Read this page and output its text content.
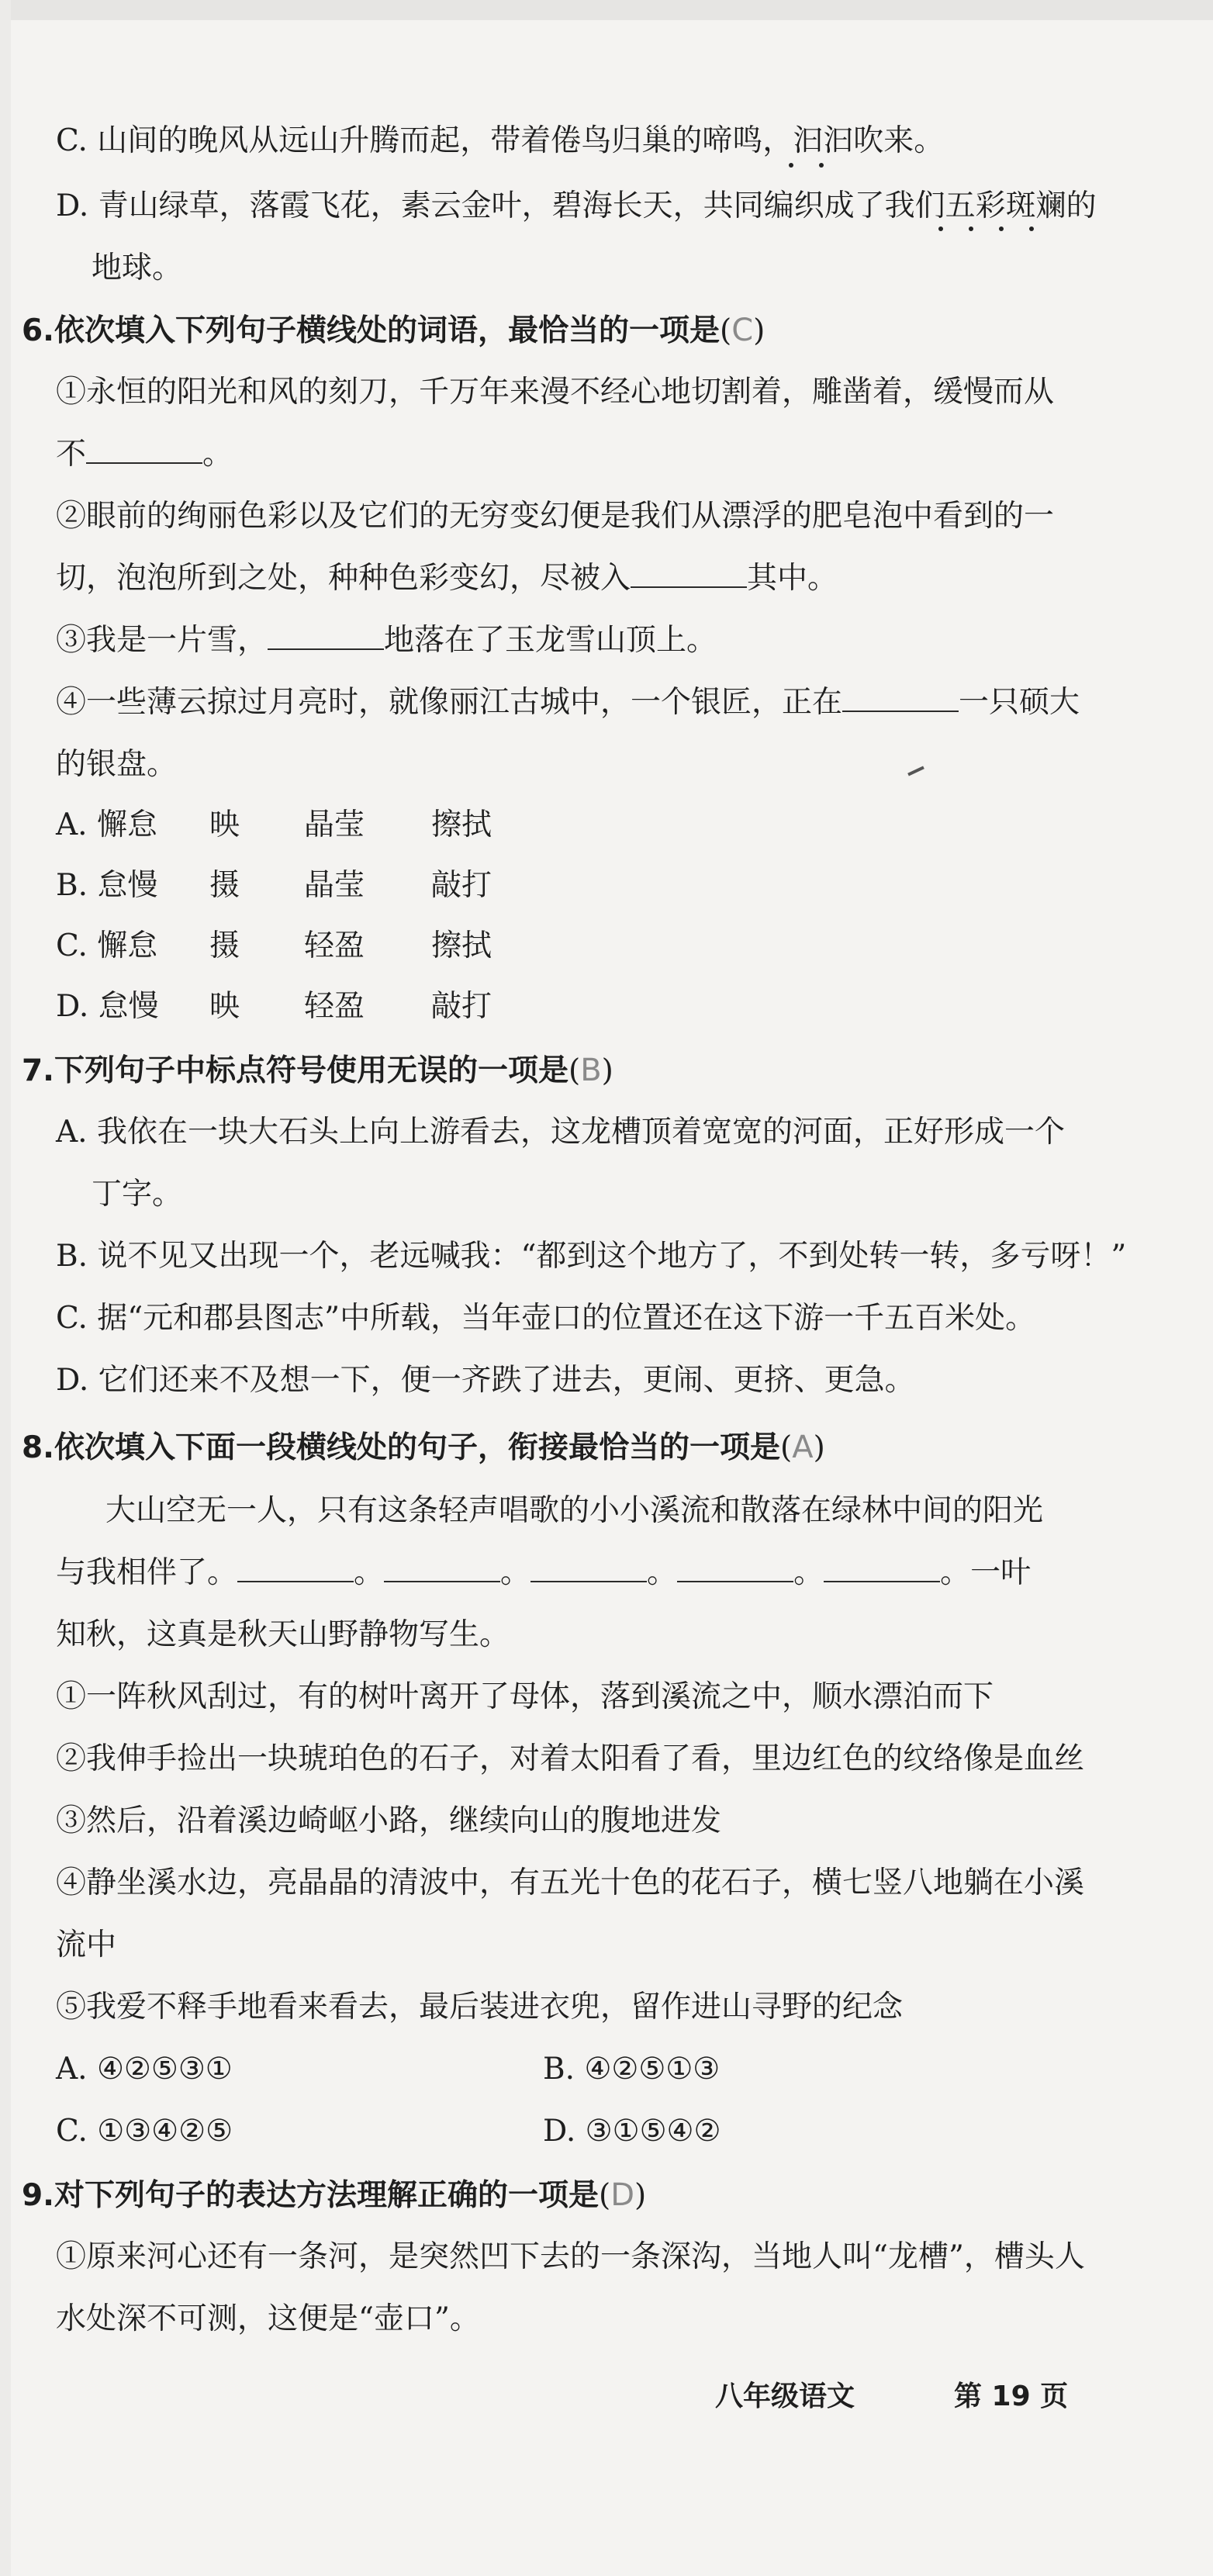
C. 山间的晚风从远山升腾而起，带着倦鸟归巢的啼鸣，汩汩吹来。
D. 青山绿草，落霞飞花，素云金叶，碧海长天，共同编织成了我们五彩斑斓的
地球。
6.依次填入下列句子横线处的词语，最恰当的一项是(C)
①永恒的阳光和风的刻刀，千万年来漫不经心地切割着，雕凿着，缓慢而从
不	。
②眼前的绚丽色彩以及它们的无穷变幻便是我们从漂浮的肥皂泡中看到的一
切，泡泡所到之处，种种色彩变幻，尽被入	其中。
③我是一片雪，	地落在了玉龙雪山顶上。
④一些薄云掠过月亮时，就像丽江古城中，一个银匠，正在	一只硕大
的银盘。
A. 懈怠 映 晶莹 擦拭
B. 怠慢 摄 晶莹 敲打
C. 懈怠 摄 轻盈 擦拭
D. 怠慢 映 轻盈 敲打
7.下列句子中标点符号使用无误的一项是(B)
A. 我依在一块大石头上向上游看去，这龙槽顶着宽宽的河面，正好形成一个
丁字。
B. 说不见又出现一个，老远喊我：“都到这个地方了，不到处转一转，多亏呀！”
C. 据“元和郡县图志”中所载，当年壶口的位置还在这下游一千五百米处。
D. 它们还来不及想一下，便一齐跌了进去，更闹、更挤、更急。
8.依次填入下面一段横线处的句子，衔接最恰当的一项是(A)
大山空无一人，只有这条轻声唱歌的小小溪流和散落在绿林中间的阳光
与我相伴了。	。	。	。	。	。一叶
知秋，这真是秋天山野静物写生。
①一阵秋风刮过，有的树叶离开了母体，落到溪流之中，顺水漂泊而下
②我伸手捡出一块琥珀色的石子，对着太阳看了看，里边红色的纹络像是血丝
③然后，沿着溪边崎岖小路，继续向山的腹地进发
④静坐溪水边，亮晶晶的清波中，有五光十色的花石子，横七竖八地躺在小溪
流中
⑤我爱不释手地看来看去，最后装进衣兜，留作进山寻野的纪念
A. ④②⑤③①	B. ④②⑤①③
C. ①③④②⑤	D. ③①⑤④②
9.对下列句子的表达方法理解正确的一项是(D)
①原来河心还有一条河，是突然凹下去的一条深沟，当地人叫“龙槽”，槽头人
水处深不可测，这便是“壶口”。
八年级语文	第 19 页
